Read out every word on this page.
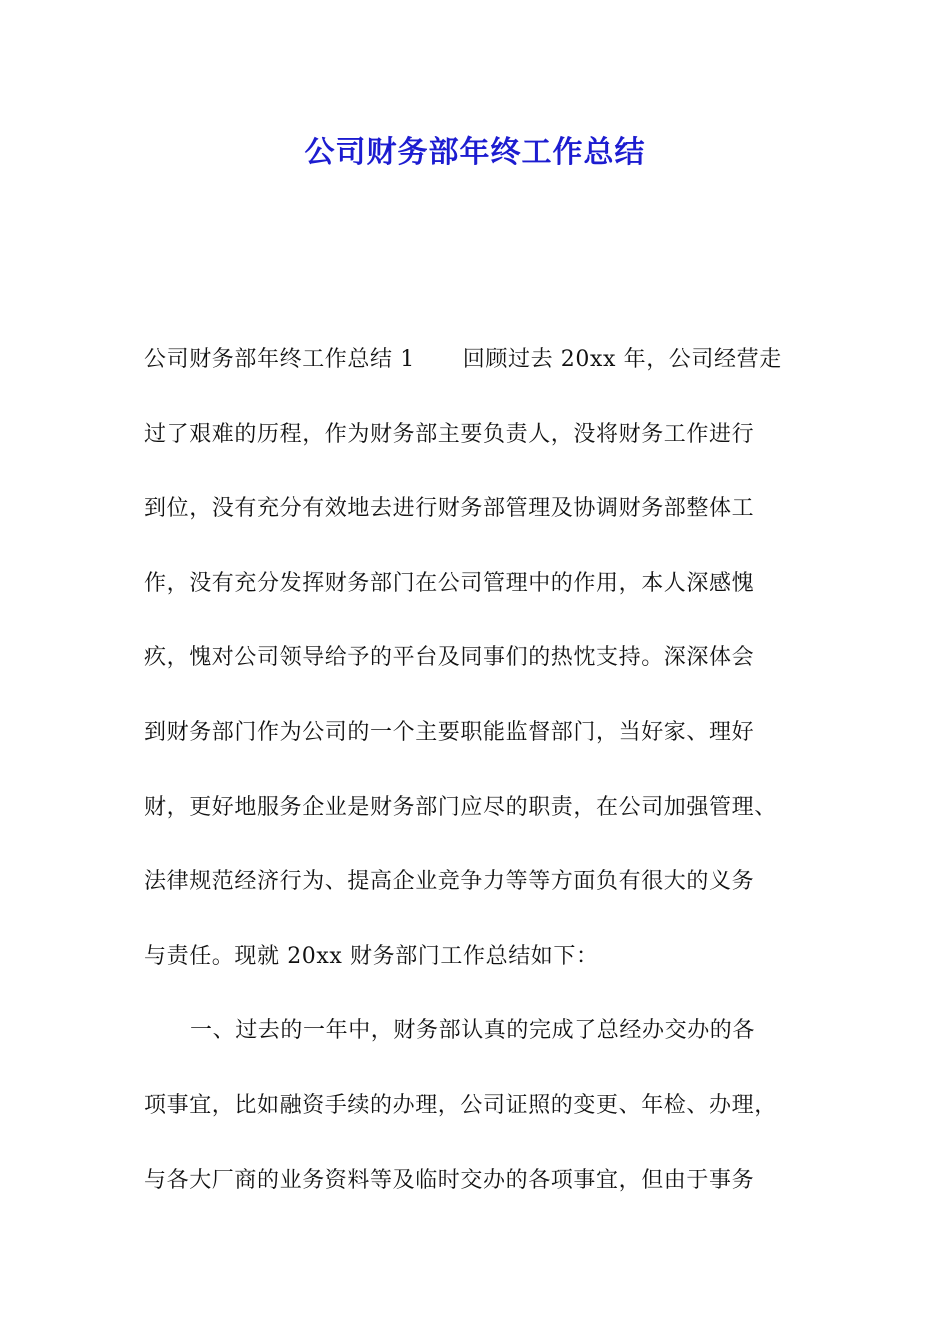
公司财务部年终工作总结
公司财务部年终工作总结 1 回顾过去 20xx 年，公司经营走
过了艰难的历程，作为财务部主要负责人，没将财务工作进行
到位，没有充分有效地去进行财务部管理及协调财务部整体工
作，没有充分发挥财务部门在公司管理中的作用，本人深感愧
疚，愧对公司领导给予的平台及同事们的热忱支持。深深体会
到财务部门作为公司的一个主要职能监督部门，当好家、理好
财，更好地服务企业是财务部门应尽的职责，在公司加强管理、
法律规范经济行为、提高企业竞争力等等方面负有很大的义务
与责任。现就 20xx 财务部门工作总结如下：
一、过去的一年中，财务部认真的完成了总经办交办的各
项事宜，比如融资手续的办理，公司证照的变更、年检、办理，
与各大厂商的业务资料等及临时交办的各项事宜，但由于事务
